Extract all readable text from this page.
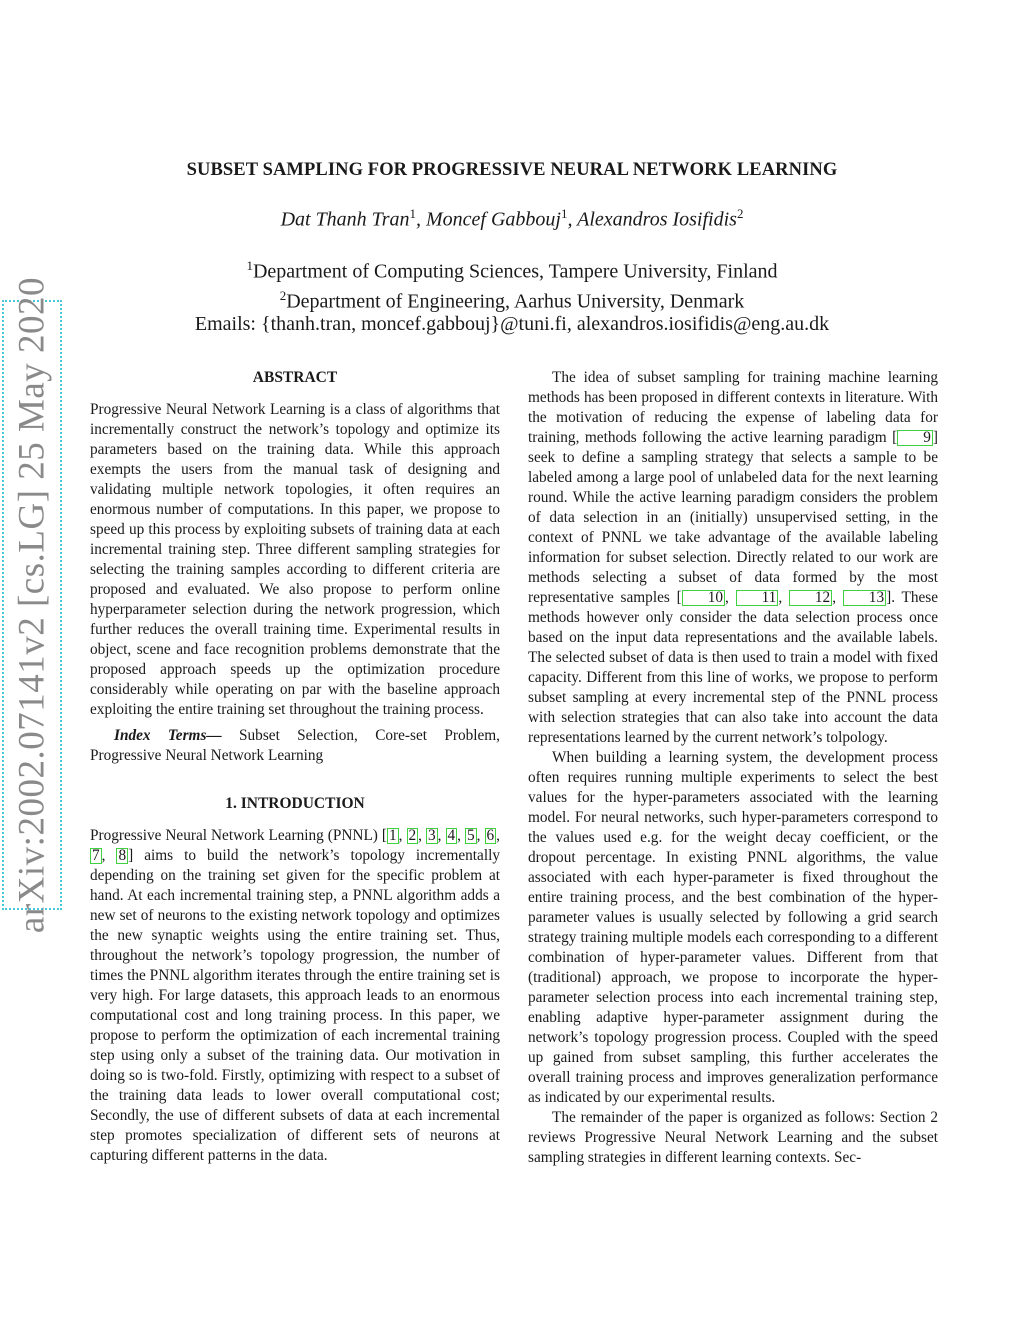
arXiv:2002.07141v2 [cs.LG] 25 May 2020
SUBSET SAMPLING FOR PROGRESSIVE NEURAL NETWORK LEARNING

Dat Thanh Tran$^1$, Moncef Gabbouj$^1$, Alexandros Iosifidis$^2$

$^1$Department of Computing Sciences, Tampere University, Finland
$^2$Department of Engineering, Aarhus University, Denmark
Emails: {thanh.tran, moncef.gabbouj}@tuni.fi, alexandros.iosifidis@eng.au.dk
ABSTRACT

Progressive Neural Network Learning is a class of algorithms that incrementally construct the network’s topology and optimize its parameters based on the training data. While this approach exempts the users from the manual task of designing and validating multiple network topologies, it often requires an enormous number of computations. In this paper, we propose to speed up this process by exploiting subsets of training data at each incremental training step. Three different sampling strategies for selecting the training samples according to different criteria are proposed and evaluated. We also propose to perform online hyperparameter selection during the network progression, which further reduces the overall training time. Experimental results in object, scene and face recognition problems demonstrate that the proposed approach speeds up the optimization procedure considerably while operating on par with the baseline approach exploiting the entire training set throughout the training process.

Index Terms— Subset Selection, Core-set Problem, Progressive Neural Network Learning

1. INTRODUCTION

Progressive Neural Network Learning (PNNL) [ 1 , 2 , 3 , 4 , 5 , 6 , 7 , 8 ] aims to build the network’s topology incrementally depending on the training set given for the specific problem at hand. At each incremental training step, a PNNL algorithm adds a new set of neurons to the existing network topology and optimizes the new synaptic weights using the entire training set. Thus, throughout the network’s topology progression, the number of times the PNNL algorithm iterates through the entire training set is very high. For large datasets, this approach leads to an enormous computational cost and long training process. In this paper, we propose to perform the optimization of each incremental training step using only a subset of the training data. Our motivation in doing so is two-fold. Firstly, optimizing with respect to a subset of the training data leads to lower overall computational cost; Secondly, the use of different subsets of data at each incremental step promotes specialization of different sets of neurons at capturing different patterns in the data.

The idea of subset sampling for training machine learning methods has been proposed in different contexts in literature. With the motivation of reducing the expense of labeling data for training, methods following the active learning paradigm [ 9 ] seek to define a sampling strategy that selects a sample to be labeled among a large pool of unlabeled data for the next learning round. While the active learning paradigm considers the problem of data selection in an (initially) unsupervised setting, in the context of PNNL we take advantage of the available labeling information for subset selection. Directly related to our work are methods selecting a subset of data formed by the most representative samples [ 10 , 11 , 12 , 13 ]. These methods however only consider the data selection process once based on the input data representations and the available labels. The selected subset of data is then used to train a model with fixed capacity. Different from this line of works, we propose to perform subset sampling at every incremental step of the PNNL process with selection strategies that can also take into account the data representations learned by the current network’s tolpology.

When building a learning system, the development process often requires running multiple experiments to select the best values for the hyper-parameters associated with the learning model. For neural networks, such hyper-parameters correspond to the values used e.g. for the weight decay coefficient, or the dropout percentage. In existing PNNL algorithms, the value associated with each hyper-parameter is fixed throughout the entire training process, and the best combination of the hyper-parameter values is usually selected by following a grid search strategy training multiple models each corresponding to a different combination of hyper-parameter values. Different from that (traditional) approach, we propose to incorporate the hyper-parameter selection process into each incremental training step, enabling adaptive hyper-parameter assignment during the network’s topology progression process. Coupled with the speed up gained from subset sampling, this further accelerates the overall training process and improves generalization performance as indicated by our experimental results.

The remainder of the paper is organized as follows: Section 2 reviews Progressive Neural Network Learning and the subset sampling strategies in different learning contexts. Sec-
